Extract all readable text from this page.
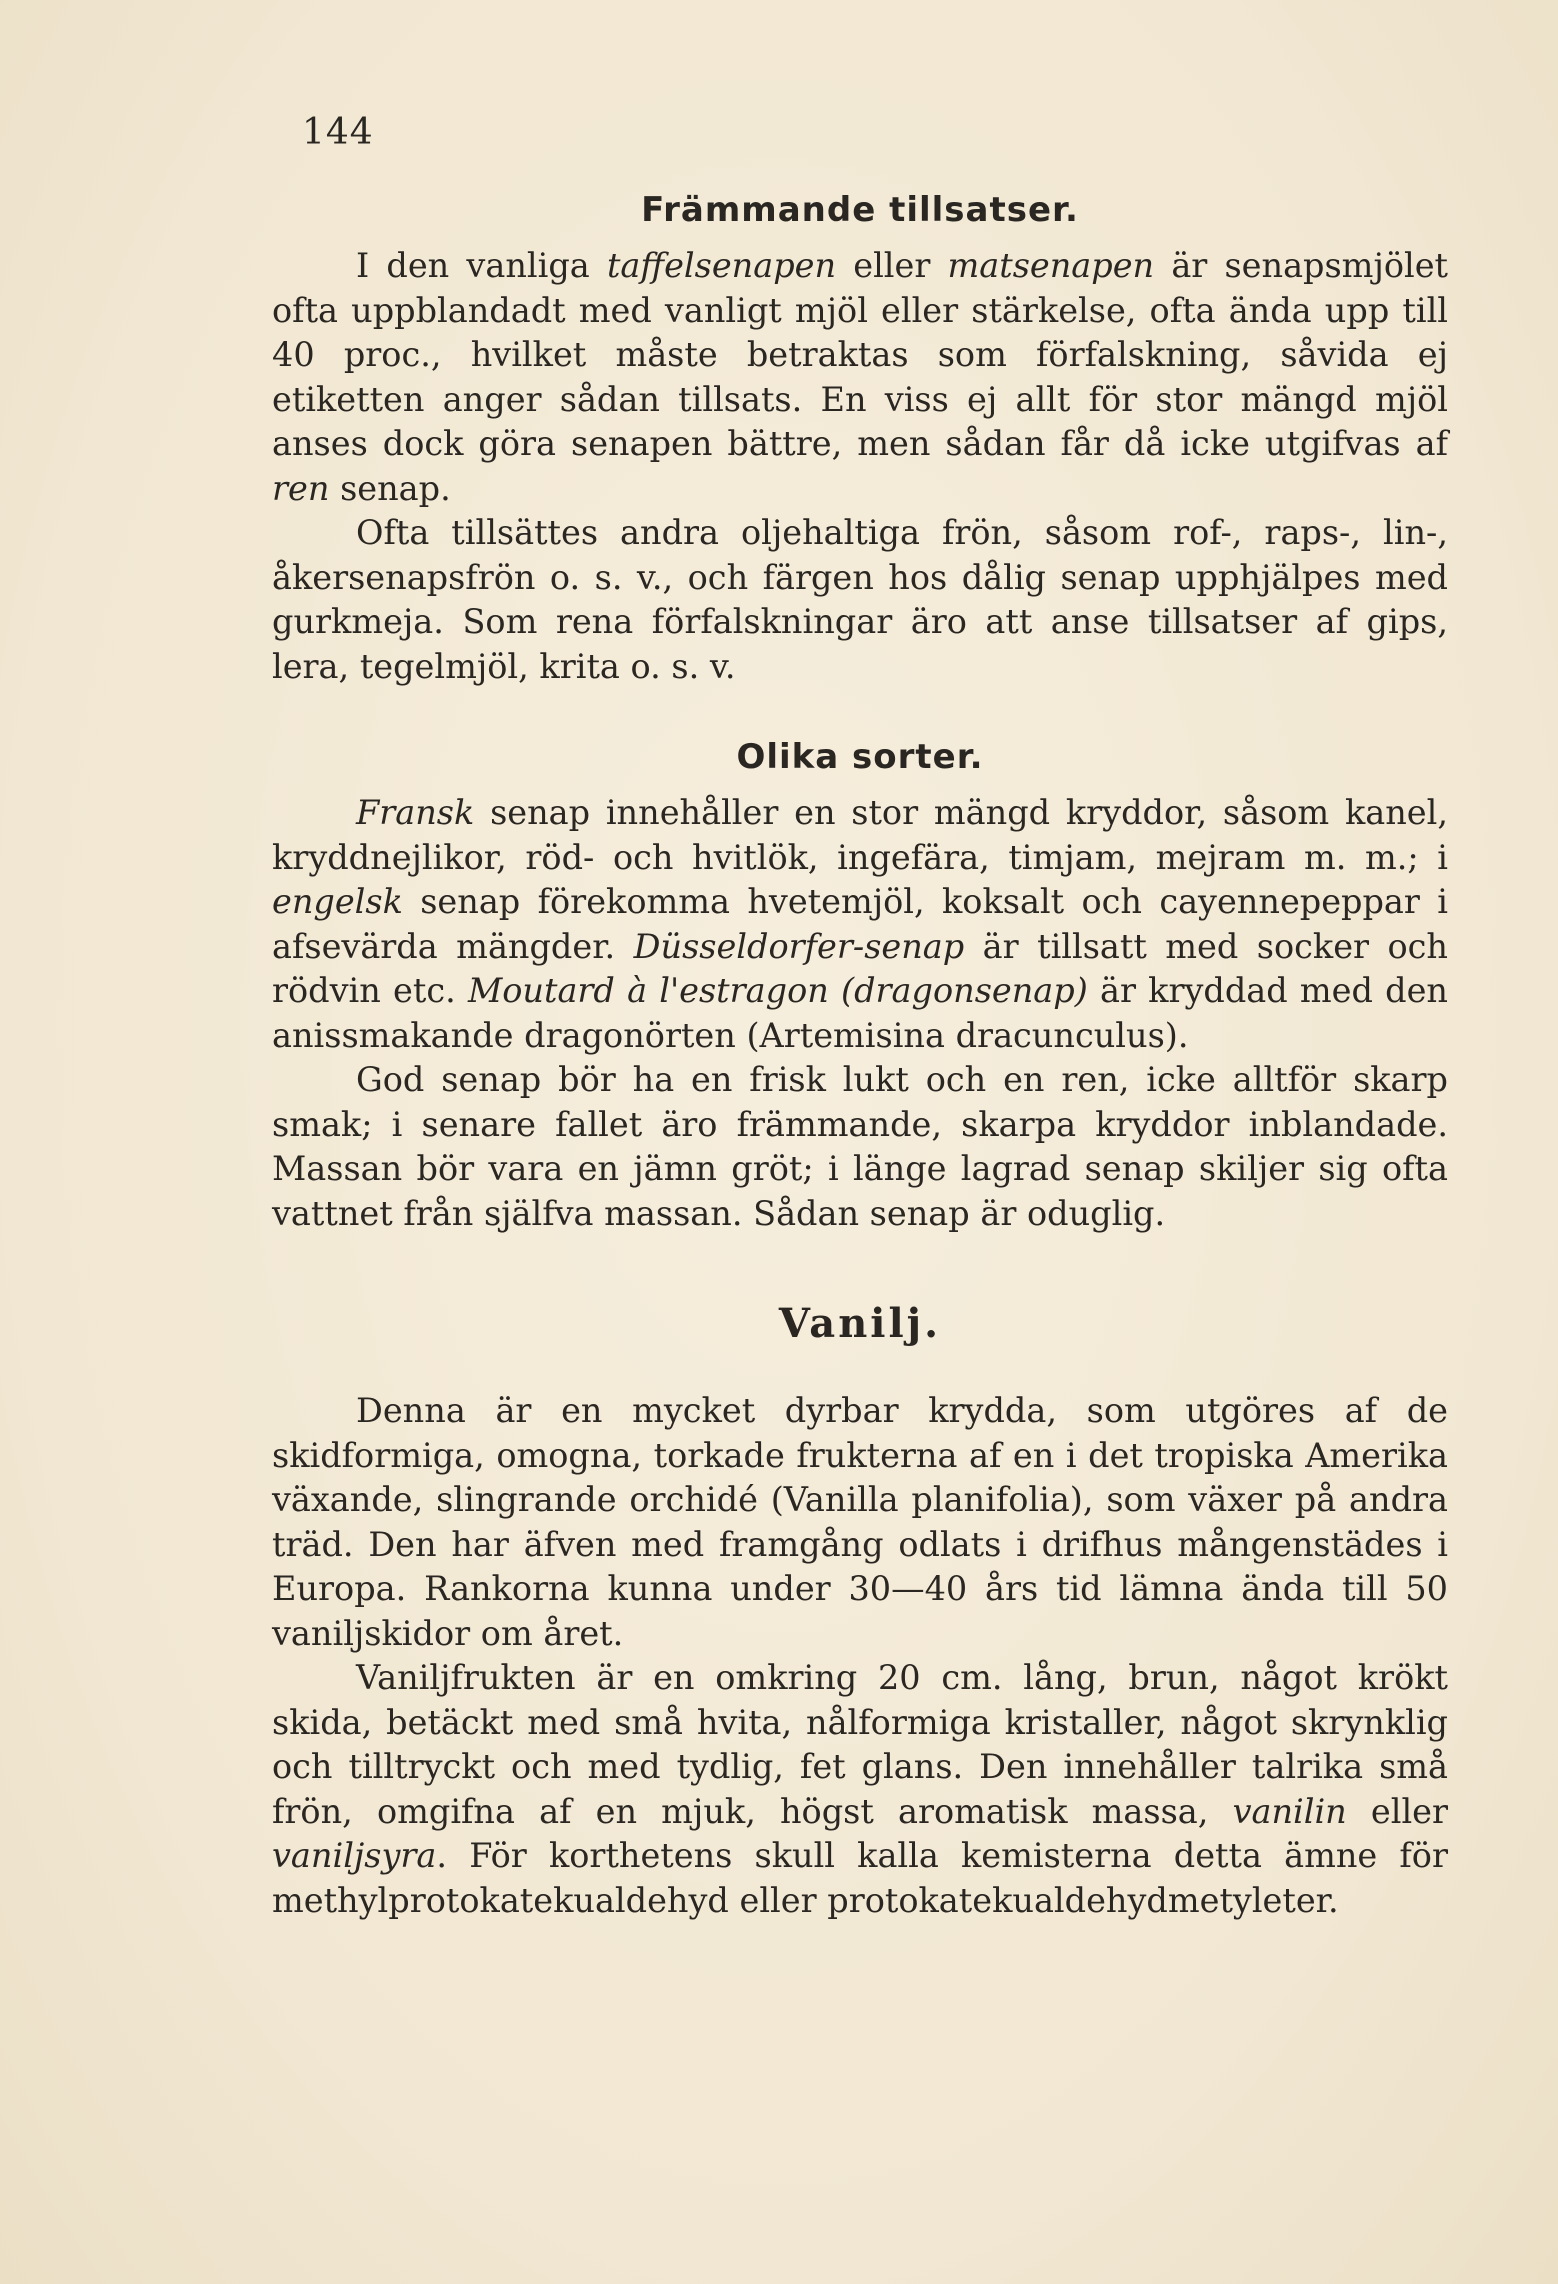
144
Främmande tillsatser.

I den vanliga taffelsenapen eller matsenapen är senapsmjölet ofta uppblandadt med vanligt mjöl eller stärkelse, ofta ända upp till 40 proc., hvilket måste betraktas som förfalskning, såvida ej etiketten anger sådan tillsats. En viss ej allt för stor mängd mjöl anses dock göra senapen bättre, men sådan får då icke utgifvas af ren senap.

Ofta tillsättes andra oljehaltiga frön, såsom rof-, raps-, lin-, åkersenapsfrön o. s. v., och färgen hos dålig senap upphjälpes med gurkmeja. Som rena förfalskningar äro att anse tillsatser af gips, lera, tegelmjöl, krita o. s. v.

Olika sorter.

Fransk senap innehåller en stor mängd kryddor, såsom kanel, kryddnejlikor, röd- och hvitlök, ingefära, timjam, mejram m. m.; i engelsk senap förekomma hvetemjöl, koksalt och cayennepeppar i afsevärda mängder. Düsseldorfer-senap är tillsatt med socker och rödvin etc. Moutard à l'estragon (dragonsenap) är kryddad med den anissmakande dragonörten (Artemisina dracunculus).

God senap bör ha en frisk lukt och en ren, icke alltför skarp smak; i senare fallet äro främmande, skarpa kryddor inblandade. Massan bör vara en jämn gröt; i länge lagrad senap skiljer sig ofta vattnet från själfva massan. Sådan senap är oduglig.

Vanilj.

Denna är en mycket dyrbar krydda, som utgöres af de skidformiga, omogna, torkade frukterna af en i det tropiska Amerika växande, slingrande orchidé (Vanilla planifolia), som växer på andra träd. Den har äfven med framgång odlats i drifhus mångenstädes i Europa. Rankorna kunna under 30—40 års tid lämna ända till 50 vaniljskidor om året.

Vaniljfrukten är en omkring 20 cm. lång, brun, något krökt skida, betäckt med små hvita, nålformiga kristaller, något skrynklig och tilltryckt och med tydlig, fet glans. Den innehåller talrika små frön, omgifna af en mjuk, högst aromatisk massa, vanilin eller vaniljsyra. För korthetens skull kalla kemisterna detta ämne för methylprotokatekualdehyd eller protokatekualdehydmetyleter.
